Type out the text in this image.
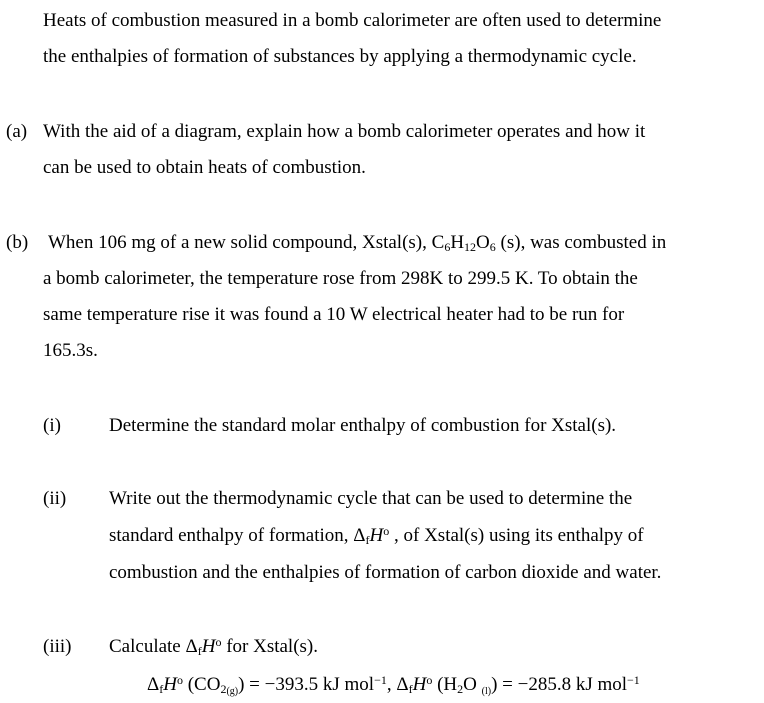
Heats of combustion measured in a bomb calorimeter are often used to determine
the enthalpies of formation of substances by applying a thermodynamic cycle.
(a) With the aid of a diagram, explain how a bomb calorimeter operates and how it
can be used to obtain heats of combustion.
(b) When 106 mg of a new solid compound, Xstal(s), $C_6H_{12}O_6$ (s), was combusted in
a bomb calorimeter, the temperature rose from 298K to 299.5 K. To obtain the
same temperature rise it was found a 10 W electrical heater had to be run for
165.3s.
(i)	Determine the standard molar enthalpy of combustion for Xstal(s).
(ii) Write out the thermodynamic cycle that can be used to determine the
standard enthalpy of formation, $\Delta_fH^o$ , of Xstal(s) using its enthalpy of
combustion and the enthalpies of formation of carbon dioxide and water.
(iii) Calculate $\Delta_fH^o$ for Xstal(s).
$\Delta_fH^o$ $(CO_{2(g)}) = -393.5$ kJ mol$^{-1}$, $\Delta_fH^o$ ($H_2O$ $_{(l)}$) = −285.8 kJ mol$^{-1}$
